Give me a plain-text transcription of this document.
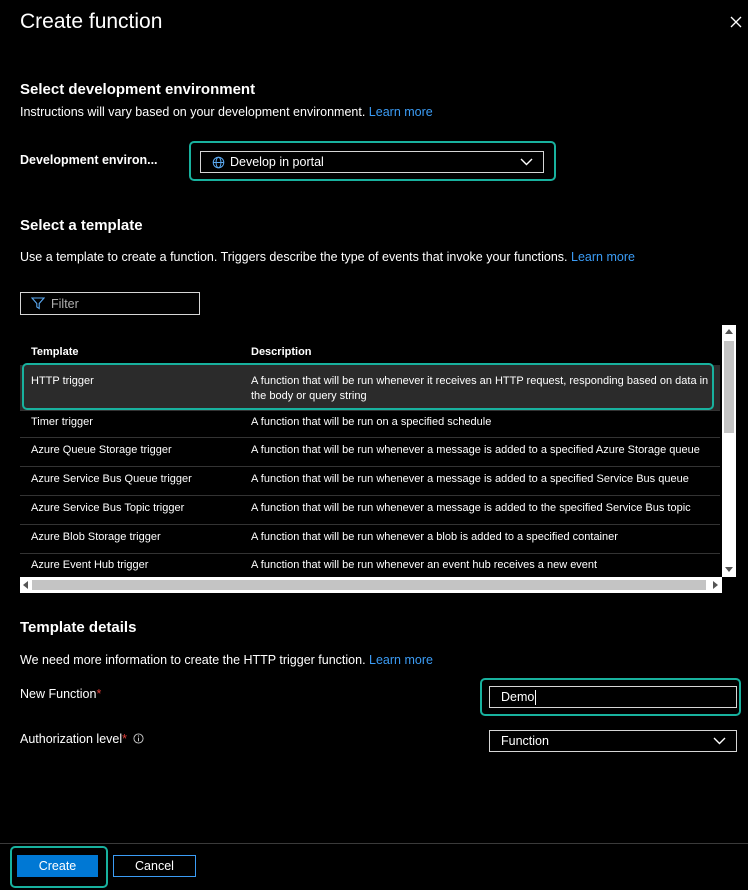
Create function
Select development environment
Instructions will vary based on your development environment. Learn more
Development environ...	Develop in portal
Select a template
Use a template to create a function. Triggers describe the type of events that invoke your functions. Learn more
Filter
Template	Description
HTTP trigger	A function that will be run whenever it receives an HTTP request, responding based on data in the body or query string
Timer trigger	A function that will be run on a specified schedule
Azure Queue Storage trigger	A function that will be run whenever a message is added to a specified Azure Storage queue
Azure Service Bus Queue trigger	A function that will be run whenever a message is added to a specified Service Bus queue
Azure Service Bus Topic trigger	A function that will be run whenever a message is added to the specified Service Bus topic
Azure Blob Storage trigger	A function that will be run whenever a blob is added to a specified container
Azure Event Hub trigger	A function that will be run whenever an event hub receives a new event
Template details
We need more information to create the HTTP trigger function. Learn more
New Function*	Demo
Authorization level*	Function
Create	Cancel
